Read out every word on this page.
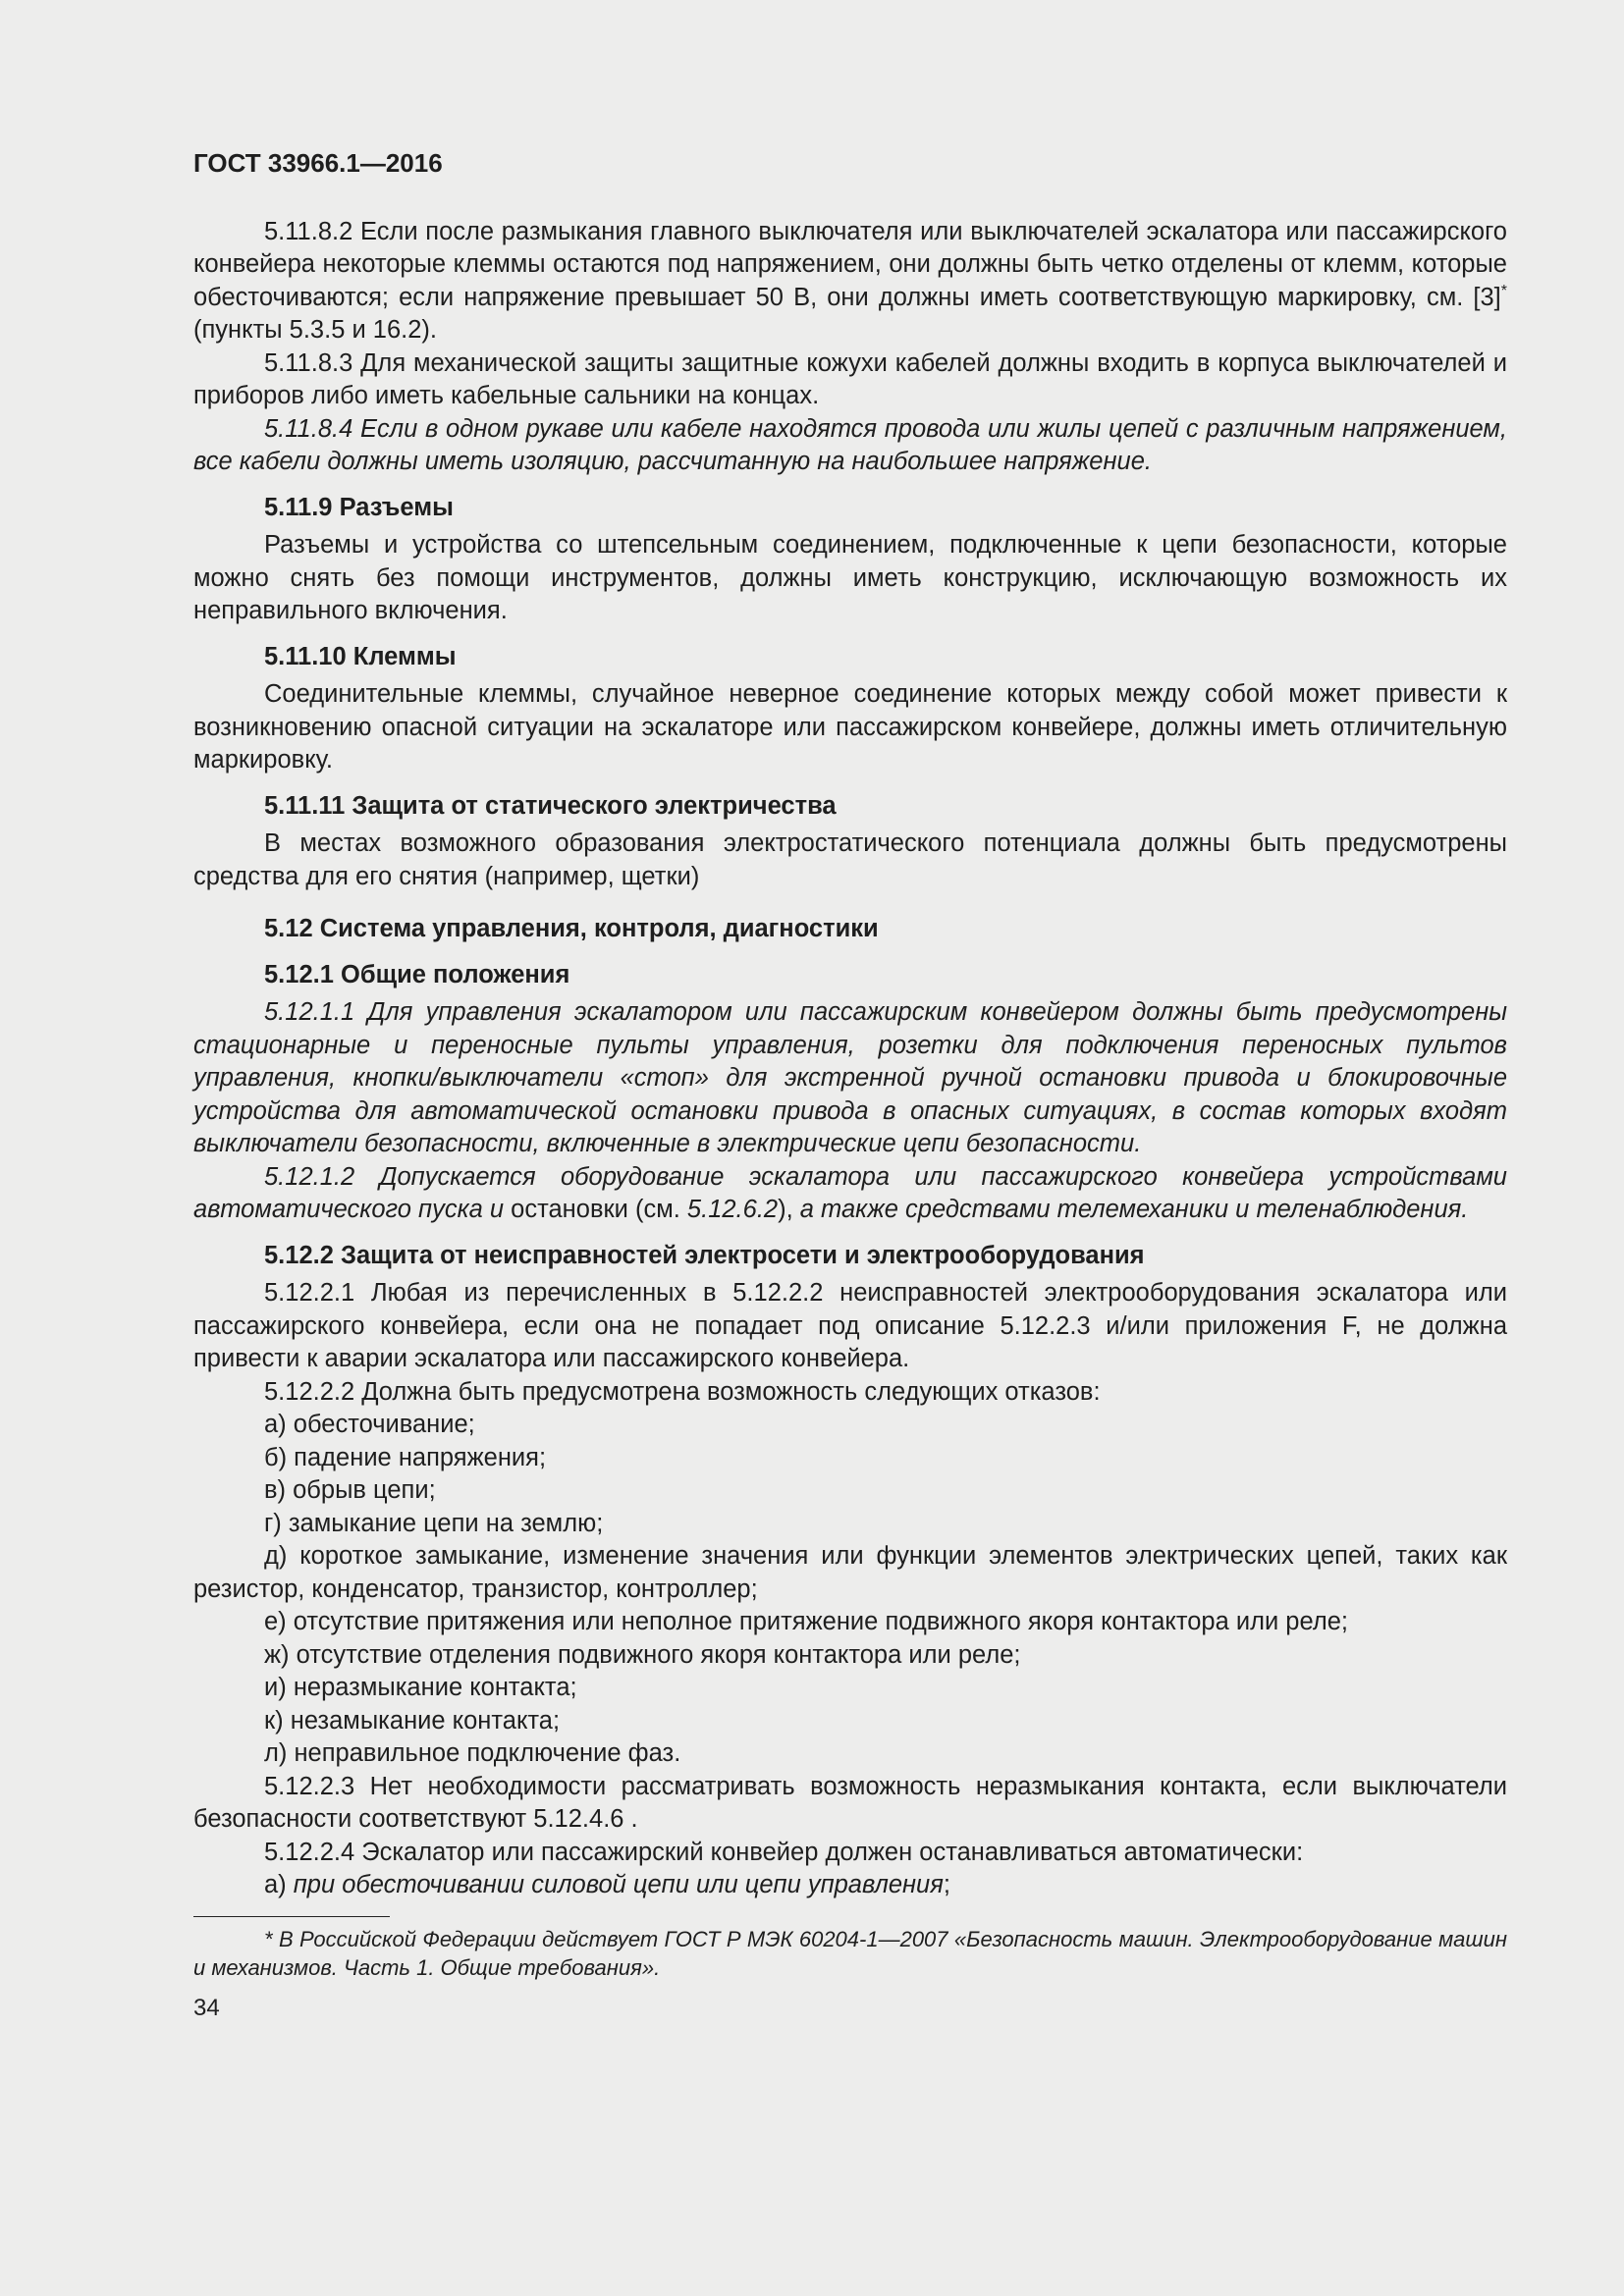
ГОСТ 33966.1—2016

5.11.8.2 Если после размыкания главного выключателя или выключателей эскалатора или пассажирского конвейера некоторые клеммы остаются под напряжением, они должны быть четко отделены от клемм, которые обесточиваются; если напряжение превышает 50 В, они должны иметь соответствующую маркировку, см. [3]* (пункты 5.3.5 и 16.2).

5.11.8.3 Для механической защиты защитные кожухи кабелей должны входить в корпуса выключателей и приборов либо иметь кабельные сальники на концах.

5.11.8.4 Если в одном рукаве или кабеле находятся провода или жилы цепей с различным напряжением, все кабели должны иметь изоляцию, рассчитанную на наибольшее напряжение.

5.11.9 Разъемы

Разъемы и устройства со штепсельным соединением, подключенные к цепи безопасности, которые можно снять без помощи инструментов, должны иметь конструкцию, исключающую возможность их неправильного включения.

5.11.10 Клеммы

Соединительные клеммы, случайное неверное соединение которых между собой может привести к возникновению опасной ситуации на эскалаторе или пассажирском конвейере, должны иметь отличительную маркировку.

5.11.11 Защита от статического электричества

В местах возможного образования электростатического потенциала должны быть предусмотрены средства для его снятия (например, щетки)

5.12 Система управления, контроля, диагностики
5.12.1 Общие положения

5.12.1.1 Для управления эскалатором или пассажирским конвейером должны быть предусмотрены стационарные и переносные пульты управления, розетки для подключения переносных пультов управления, кнопки/выключатели «стоп» для экстренной ручной остановки привода и блокировочные устройства для автоматической остановки привода в опасных ситуациях, в состав которых входят выключатели безопасности, включенные в электрические цепи безопасности.

5.12.1.2 Допускается оборудование эскалатора или пассажирского конвейера устройствами автоматического пуска и остановки (см. 5.12.6.2), а также средствами телемеханики и теленаблюдения.

5.12.2 Защита от неисправностей электросети и электрооборудования

5.12.2.1 Любая из перечисленных в 5.12.2.2 неисправностей электрооборудования эскалатора или пассажирского конвейера, если она не попадает под описание 5.12.2.3 и/или приложения F, не должна привести к аварии эскалатора или пассажирского конвейера.

5.12.2.2 Должна быть предусмотрена возможность следующих отказов:

а) обесточивание;

б) падение напряжения;

в) обрыв цепи;

г) замыкание цепи на землю;

д) короткое замыкание, изменение значения или функции элементов электрических цепей, таких как резистор, конденсатор, транзистор, контроллер;

е) отсутствие притяжения или неполное притяжение подвижного якоря контактора или реле;

ж) отсутствие отделения подвижного якоря контактора или реле;

и) неразмыкание контакта;

к) незамыкание контакта;

л) неправильное подключение фаз.

5.12.2.3 Нет необходимости рассматривать возможность неразмыкания контакта, если выключатели безопасности соответствуют 5.12.4.6 .

5.12.2.4 Эскалатор или пассажирский конвейер должен останавливаться автоматически:

а) при обесточивании силовой цепи или цепи управления;

* В Российской Федерации действует ГОСТ Р МЭК 60204-1—2007 «Безопасность машин. Электрооборудование машин и механизмов. Часть 1. Общие требования».
34
